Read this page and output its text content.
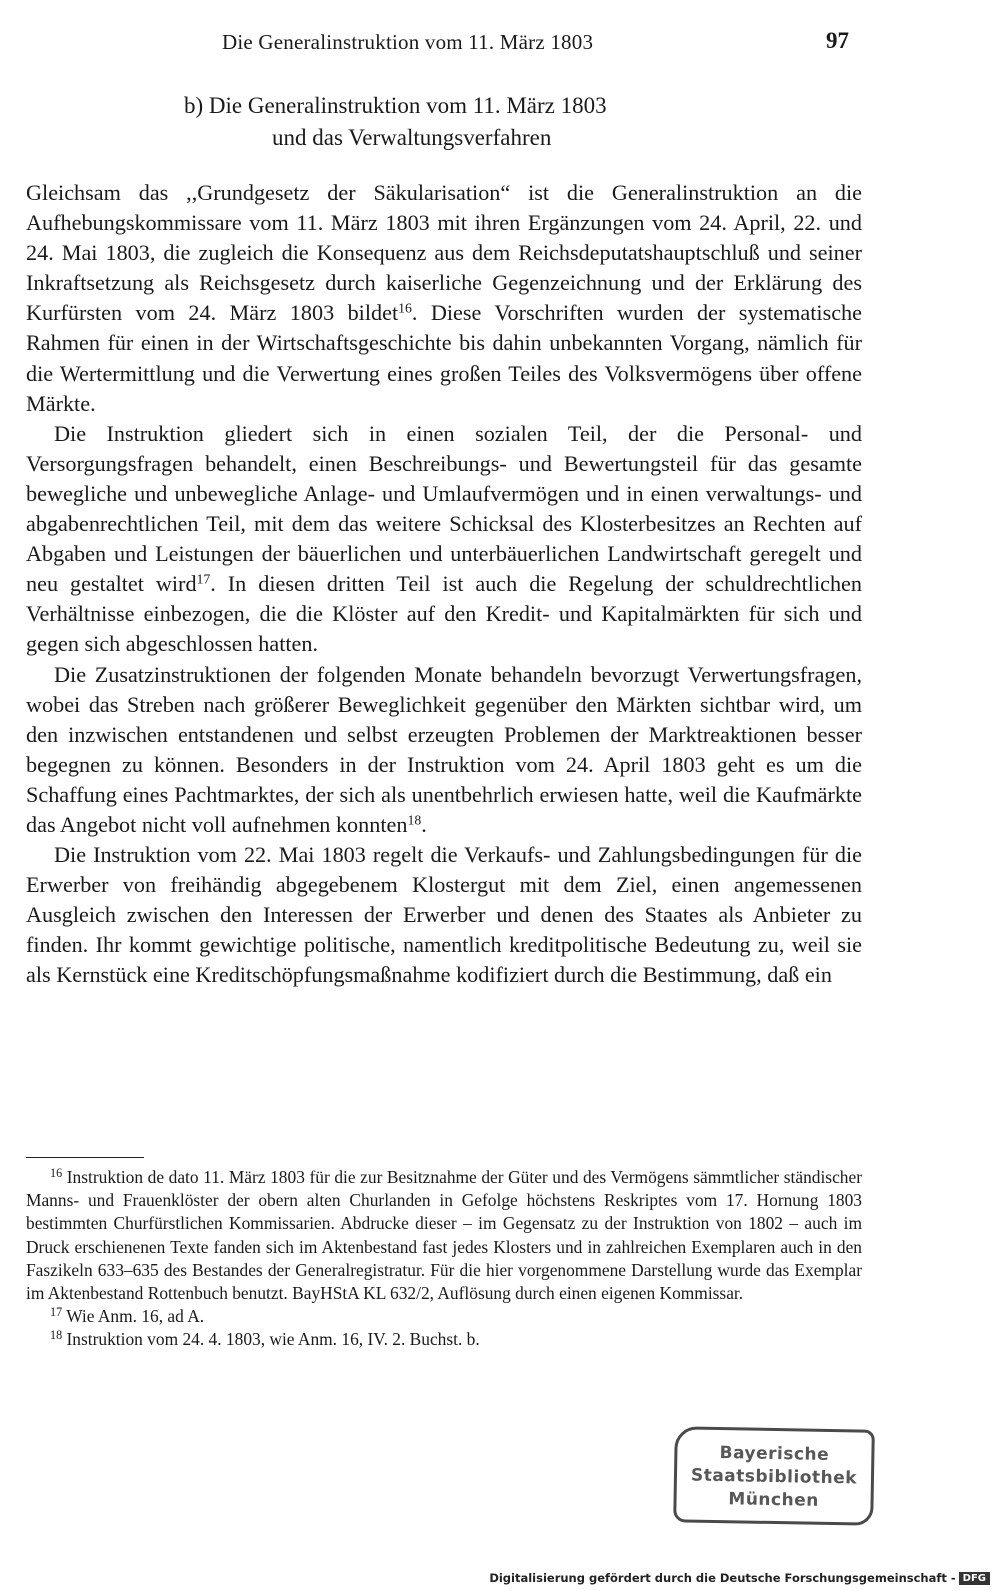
Die Generalinstruktion vom 11. März 1803	97
b) Die Generalinstruktion vom 11. März 1803
und das Verwaltungsverfahren

Gleichsam das ,,Grundgesetz der Säkularisation“ ist die Generalinstruktion an die Aufhebungskommissare vom 11. März 1803 mit ihren Ergänzungen vom 24. April, 22. und 24. Mai 1803, die zugleich die Konsequenz aus dem Reichsdeputatshauptschluß und seiner Inkraftsetzung als Reichsgesetz durch kaiserliche Gegenzeichnung und der Erklärung des Kurfürsten vom 24. März 1803 bildet$^{16}$. Diese Vorschriften wurden der systematische Rahmen für einen in der Wirtschaftsgeschichte bis dahin unbekannten Vorgang, nämlich für die Wertermittlung und die Verwertung eines großen Teiles des Volksvermögens über offene Märkte.

Die Instruktion gliedert sich in einen sozialen Teil, der die Personal- und Versorgungsfragen behandelt, einen Beschreibungs- und Bewertungsteil für das gesamte bewegliche und unbewegliche Anlage- und Umlaufvermögen und in einen verwaltungs- und abgabenrechtlichen Teil, mit dem das weitere Schicksal des Klosterbesitzes an Rechten auf Abgaben und Leistungen der bäuerlichen und unterbäuerlichen Landwirtschaft geregelt und neu gestaltet wird$^{17}$. In diesen dritten Teil ist auch die Regelung der schuldrechtlichen Verhältnisse einbezogen, die die Klöster auf den Kredit- und Kapitalmärkten für sich und gegen sich abgeschlossen hatten.

Die Zusatzinstruktionen der folgenden Monate behandeln bevorzugt Verwertungsfragen, wobei das Streben nach größerer Beweglichkeit gegenüber den Märkten sichtbar wird, um den inzwischen entstandenen und selbst erzeugten Problemen der Marktreaktionen besser begegnen zu können. Besonders in der Instruktion vom 24. April 1803 geht es um die Schaffung eines Pachtmarktes, der sich als unentbehrlich erwiesen hatte, weil die Kaufmärkte das Angebot nicht voll aufnehmen konnten$^{18}$.

Die Instruktion vom 22. Mai 1803 regelt die Verkaufs- und Zahlungsbedingungen für die Erwerber von freihändig abgegebenem Klostergut mit dem Ziel, einen angemessenen Ausgleich zwischen den Interessen der Erwerber und denen des Staates als Anbieter zu finden. Ihr kommt gewichtige politische, namentlich kreditpolitische Bedeutung zu, weil sie als Kernstück eine Kreditschöpfungsmaßnahme kodifiziert durch die Bestimmung, daß ein

$^{16}$ Instruktion de dato 11. März 1803 für die zur Besitznahme der Güter und des Vermögens sämmtlicher ständischer Manns- und Frauenklöster der obern alten Churlanden in Gefolge höchstens Reskriptes vom 17. Hornung 1803 bestimmten Churfürstlichen Kommissarien. Abdrucke dieser – im Gegensatz zu der Instruktion von 1802 – auch im Druck erschienenen Texte fanden sich im Aktenbestand fast jedes Klosters und in zahlreichen Exemplaren auch in den Faszikeln 633–635 des Bestandes der Generalregistratur. Für die hier vorgenommene Darstellung wurde das Exemplar im Aktenbestand Rottenbuch benutzt. BayHStA KL 632/2, Auflösung durch einen eigenen Kommissar.

$^{17}$ Wie Anm. 16, ad A.

$^{18}$ Instruktion vom 24. 4. 1803, wie Anm. 16, IV. 2. Buchst. b.

Bayerische
Staatsbibliothek
München
Digitalisierung gefördert durch die Deutsche Forschungsgemeinschaft - DFG
